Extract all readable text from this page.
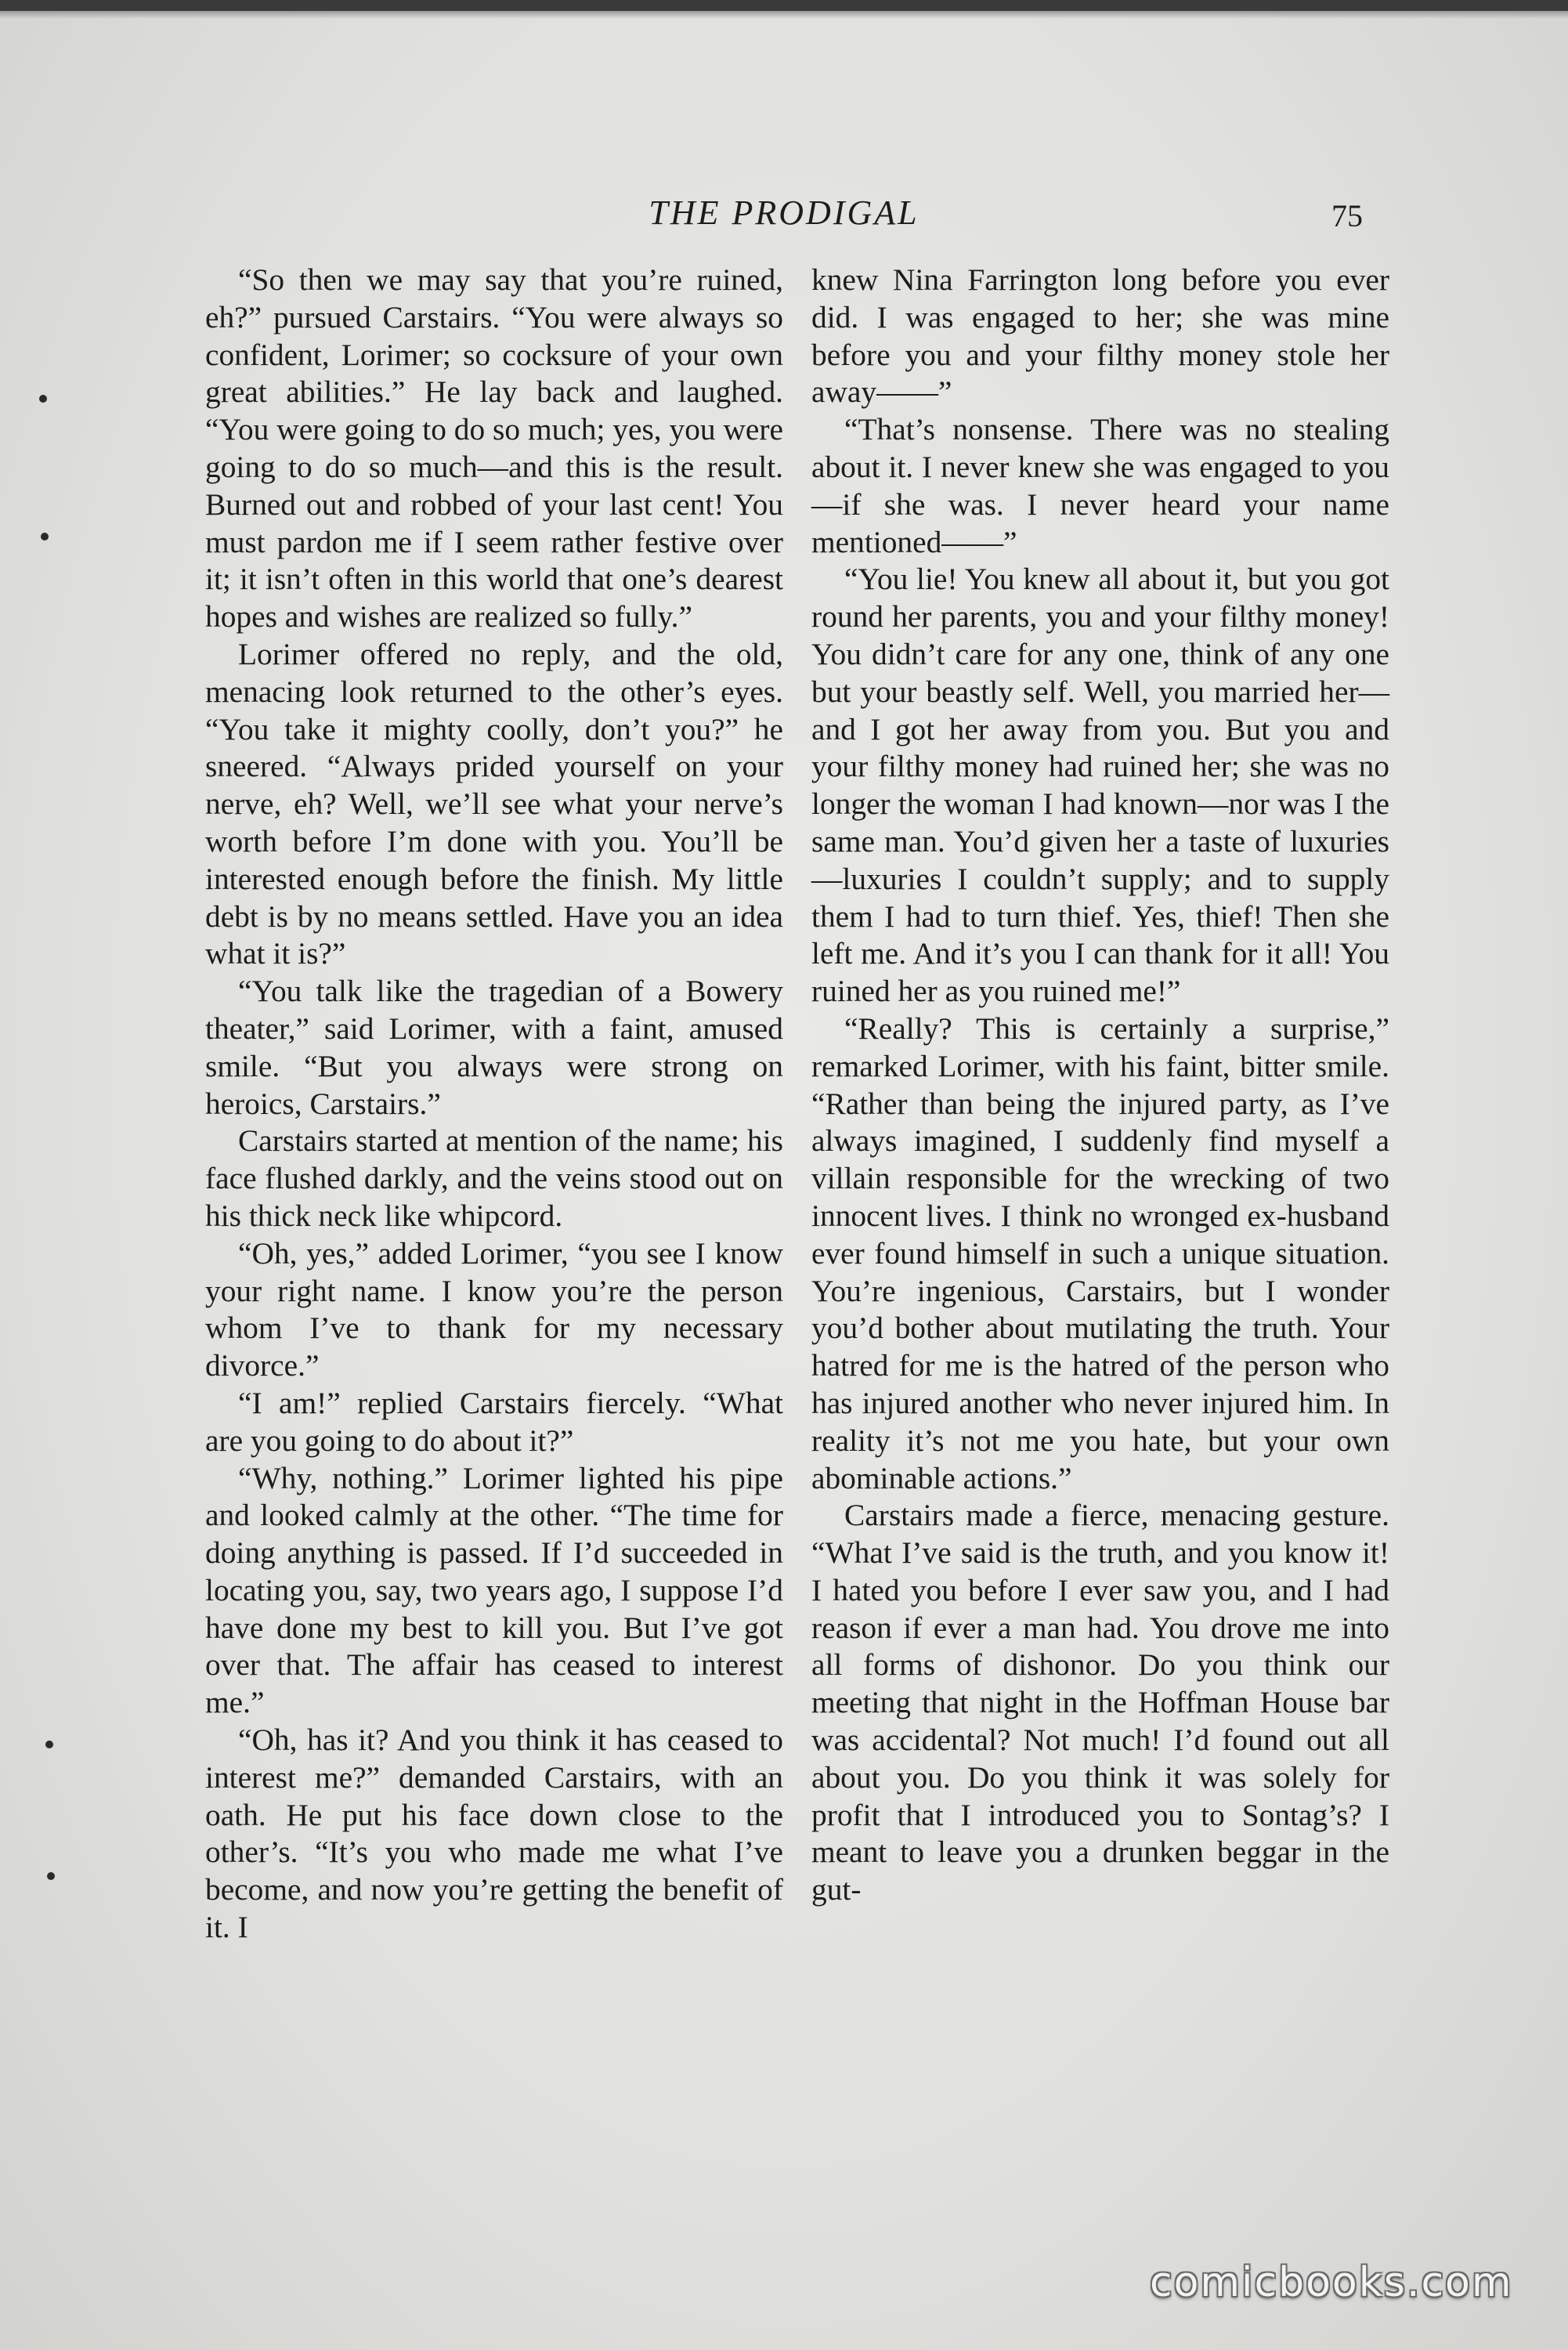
THE PRODIGAL	75

“So then we may say that you’re ruined, eh?” pursued Carstairs. “You were always so confident, Lorimer; so cocksure of your own great abilities.” He lay back and laughed. “You were going to do so much; yes, you were going to do so much—and this is the result. Burned out and robbed of your last cent! You must pardon me if I seem rather festive over it; it isn’t often in this world that one’s dearest hopes and wishes are realized so fully.”

Lorimer offered no reply, and the old, menacing look returned to the other’s eyes. “You take it mighty coolly, don’t you?” he sneered. “Always prided yourself on your nerve, eh? Well, we’ll see what your nerve’s worth before I’m done with you. You’ll be interested enough before the finish. My little debt is by no means settled. Have you an idea what it is?”

“You talk like the tragedian of a Bowery theater,” said Lorimer, with a faint, amused smile. “But you always were strong on heroics, Carstairs.”

Carstairs started at mention of the name; his face flushed darkly, and the veins stood out on his thick neck like whipcord.

“Oh, yes,” added Lorimer, “you see I know your right name. I know you’re the person whom I’ve to thank for my necessary divorce.”

“I am!” replied Carstairs fiercely. “What are you going to do about it?”

“Why, nothing.” Lorimer lighted his pipe and looked calmly at the other. “The time for doing anything is passed. If I’d succeeded in locating you, say, two years ago, I suppose I’d have done my best to kill you. But I’ve got over that. The affair has ceased to interest me.”

“Oh, has it? And you think it has ceased to interest me?” demanded Carstairs, with an oath. He put his face down close to the other’s. “It’s you who made me what I’ve become, and now you’re getting the benefit of it. I

knew Nina Farrington long before you ever did. I was engaged to her; she was mine before you and your filthy money stole her away——”

“That’s nonsense. There was no stealing about it. I never knew she was engaged to you—if she was. I never heard your name mentioned——”

“You lie! You knew all about it, but you got round her parents, you and your filthy money! You didn’t care for any one, think of any one but your beastly self. Well, you married her—and I got her away from you. But you and your filthy money had ruined her; she was no longer the woman I had known—nor was I the same man. You’d given her a taste of luxuries—luxuries I couldn’t supply; and to supply them I had to turn thief. Yes, thief! Then she left me. And it’s you I can thank for it all! You ruined her as you ruined me!”

“Really? This is certainly a surprise,” remarked Lorimer, with his faint, bitter smile. “Rather than being the injured party, as I’ve always imagined, I suddenly find myself a villain responsible for the wrecking of two innocent lives. I think no wronged ex-husband ever found himself in such a unique situation. You’re ingenious, Carstairs, but I wonder you’d bother about mutilating the truth. Your hatred for me is the hatred of the person who has injured another who never injured him. In reality it’s not me you hate, but your own abominable actions.”

Carstairs made a fierce, menacing gesture. “What I’ve said is the truth, and you know it! I hated you before I ever saw you, and I had reason if ever a man had. You drove me into all forms of dishonor. Do you think our meeting that night in the Hoffman House bar was accidental? Not much! I’d found out all about you. Do you think it was solely for profit that I introduced you to Sontag’s? I meant to leave you a drunken beggar in the gut-

comicbooks.com
